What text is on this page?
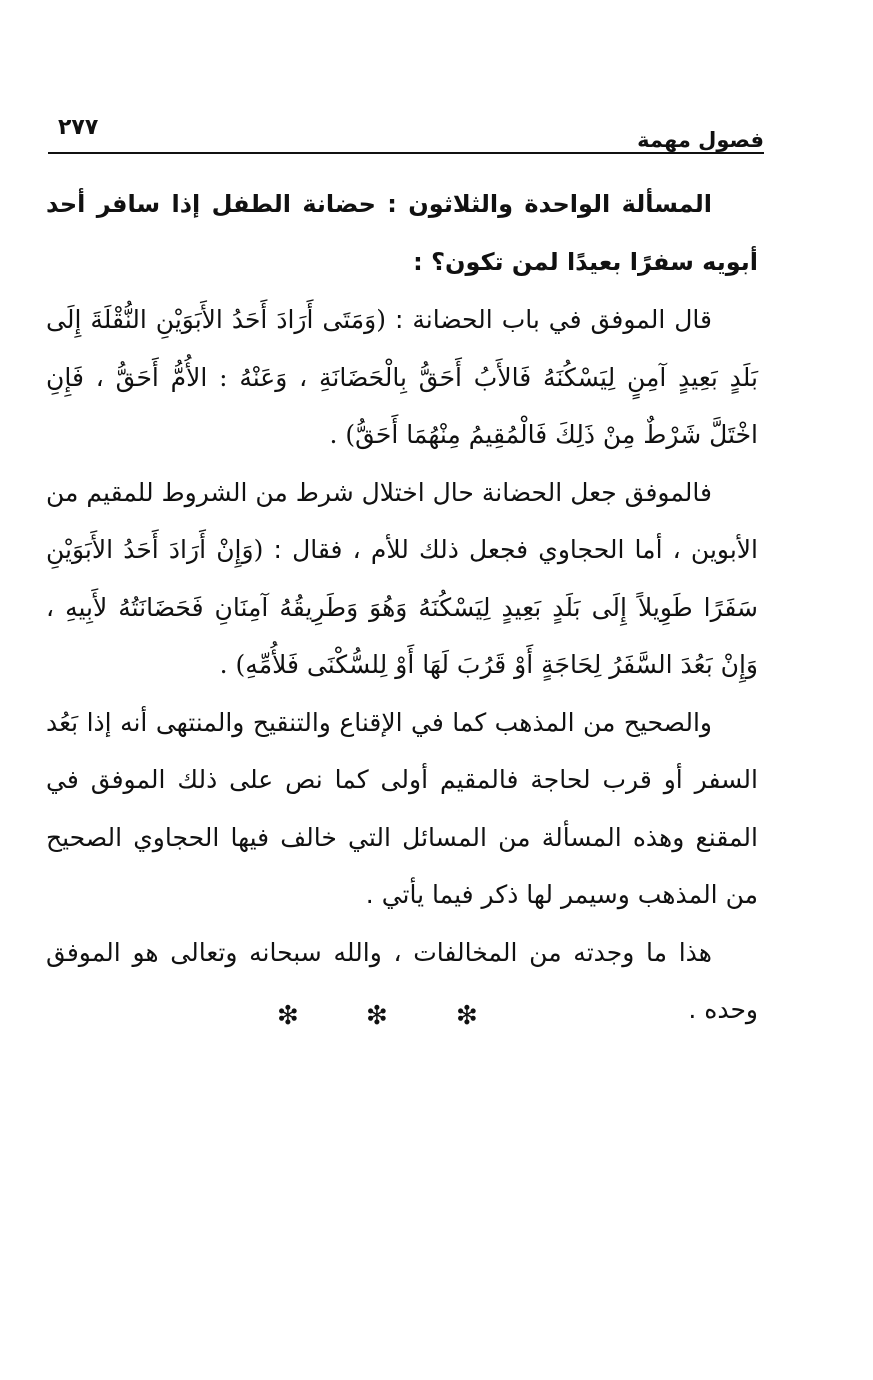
فصول مهمة
٢٧٧

المسألة الواحدة والثلاثون : حضانة الطفل إذا سافر أحد أبويه سفرًا بعيدًا لمن تكون؟ :

قال الموفق في باب الحضانة : (وَمَتَى أَرَادَ أَحَدُ الأَبَوَيْنِ النُّقْلَةَ إِلَى بَلَدٍ بَعِيدٍ آمِنٍ لِيَسْكُنَهُ فَالأَبُ أَحَقُّ بِالْحَضَانَةِ ، وَعَنْهُ : الأُمُّ أَحَقُّ ، فَإِنِ اخْتَلَّ شَرْطٌ مِنْ ذَلِكَ فَالْمُقِيمُ مِنْهُمَا أَحَقُّ) .

فالموفق جعل الحضانة حال اختلال شرط من الشروط للمقيم من الأبوين ، أما الحجاوي فجعل ذلك للأم ، فقال : (وَإِنْ أَرَادَ أَحَدُ الأَبَوَيْنِ سَفَرًا طَوِيلاً إِلَى بَلَدٍ بَعِيدٍ لِيَسْكُنَهُ وَهُوَ وَطَرِيقُهُ آمِنَانِ فَحَضَانَتُهُ لأَبِيهِ ، وَإِنْ بَعُدَ السَّفَرُ لِحَاجَةٍ أَوْ قَرُبَ لَهَا أَوْ لِلسُّكْنَى فَلأُمِّهِ) .

والصحيح من المذهب كما في الإقناع والتنقيح والمنتهى أنه إذا بَعُد السفر أو قرب لحاجة فالمقيم أولى كما نص على ذلك الموفق في المقنع وهذه المسألة من المسائل التي خالف فيها الحجاوي الصحيح من المذهب وسيمر لها ذكر فيما يأتي .

هذا ما وجدته من المخالفات ، والله سبحانه وتعالى هو الموفق وحده .

❇	❇	❇
